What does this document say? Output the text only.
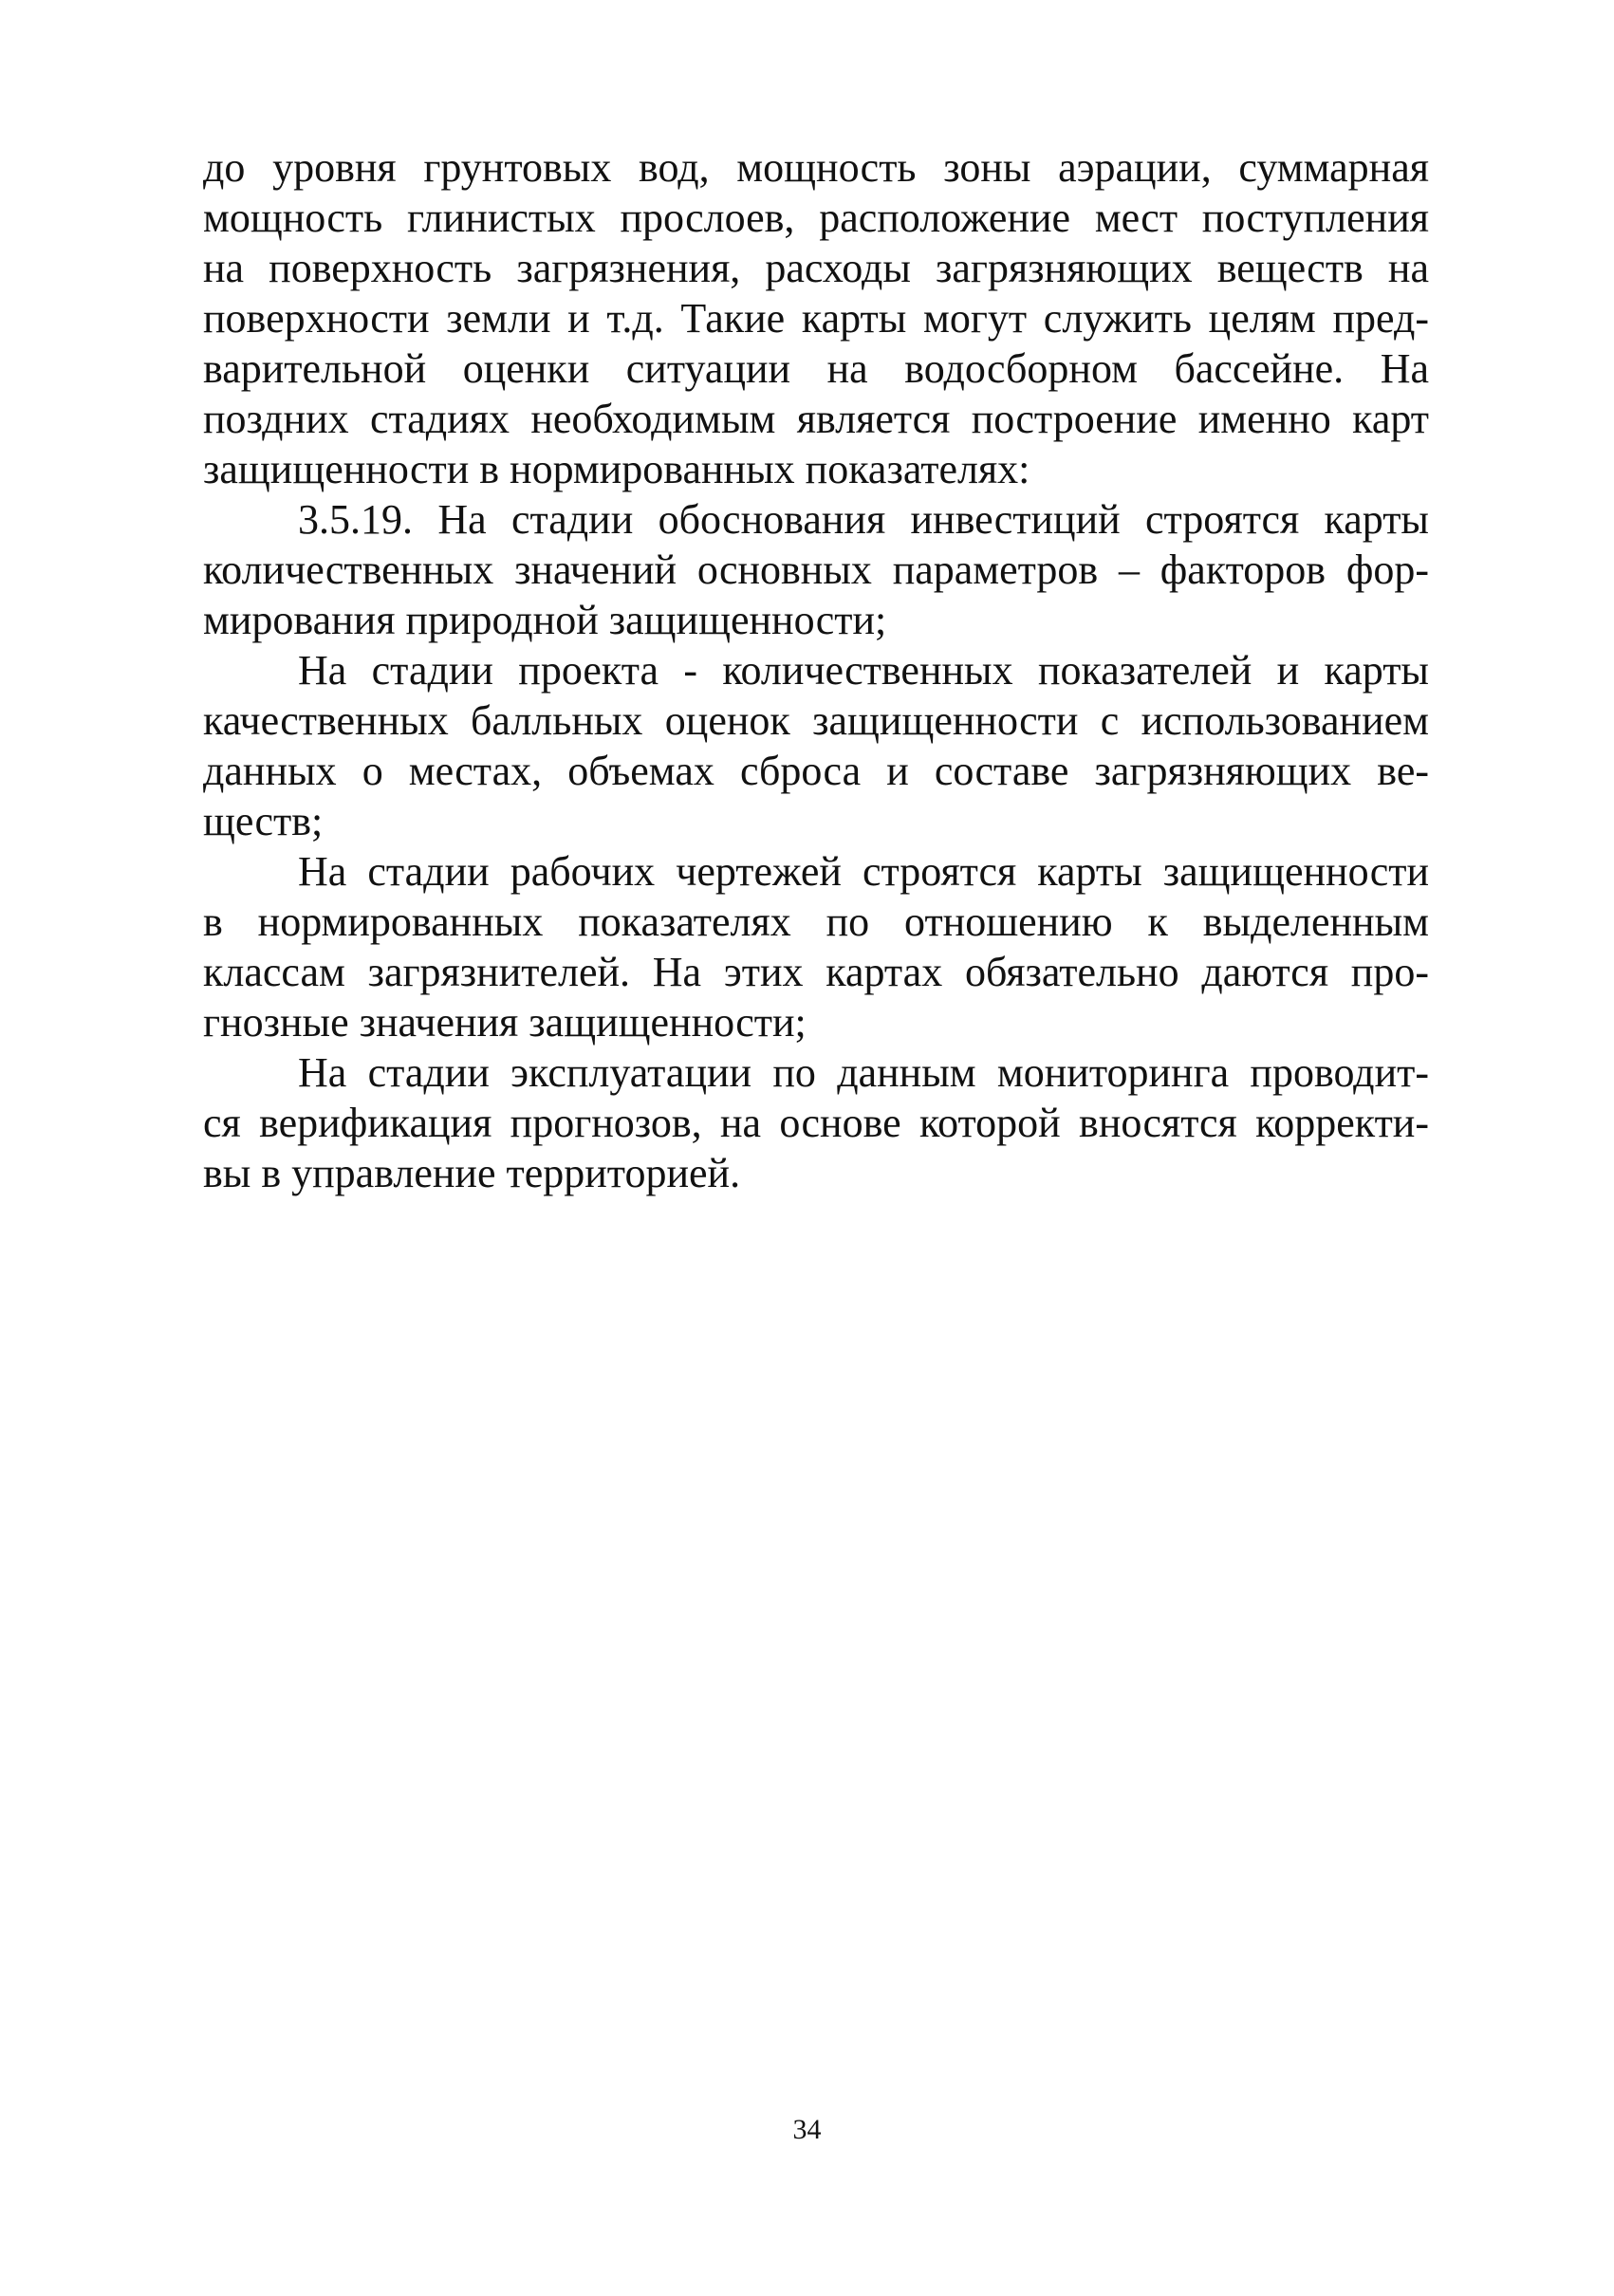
до уровня грунтовых вод, мощность зоны аэрации, суммарная
мощность глинистых прослоев, расположение мест поступления
на поверхность загрязнения, расходы загрязняющих веществ на
поверхности земли и т.д. Такие карты могут служить целям пред-
варительной оценки ситуации на водосборном бассейне. На
поздних стадиях необходимым является построение именно карт
защищенности в нормированных показателях:

3.5.19. На стадии обоснования инвестиций строятся карты
количественных значений основных параметров – факторов фор-
мирования природной защищенности;

На стадии проекта - количественных показателей и карты
качественных балльных оценок защищенности с использованием
данных о местах, объемах сброса и составе загрязняющих ве-
ществ;

На стадии рабочих чертежей строятся карты защищенности
в нормированных показателях по отношению к выделенным
классам загрязнителей. На этих картах обязательно даются про-
гнозные значения защищенности;

На стадии эксплуатации по данным мониторинга проводит-
ся верификация прогнозов, на основе которой вносятся корректи-
вы в управление территорией.

34
